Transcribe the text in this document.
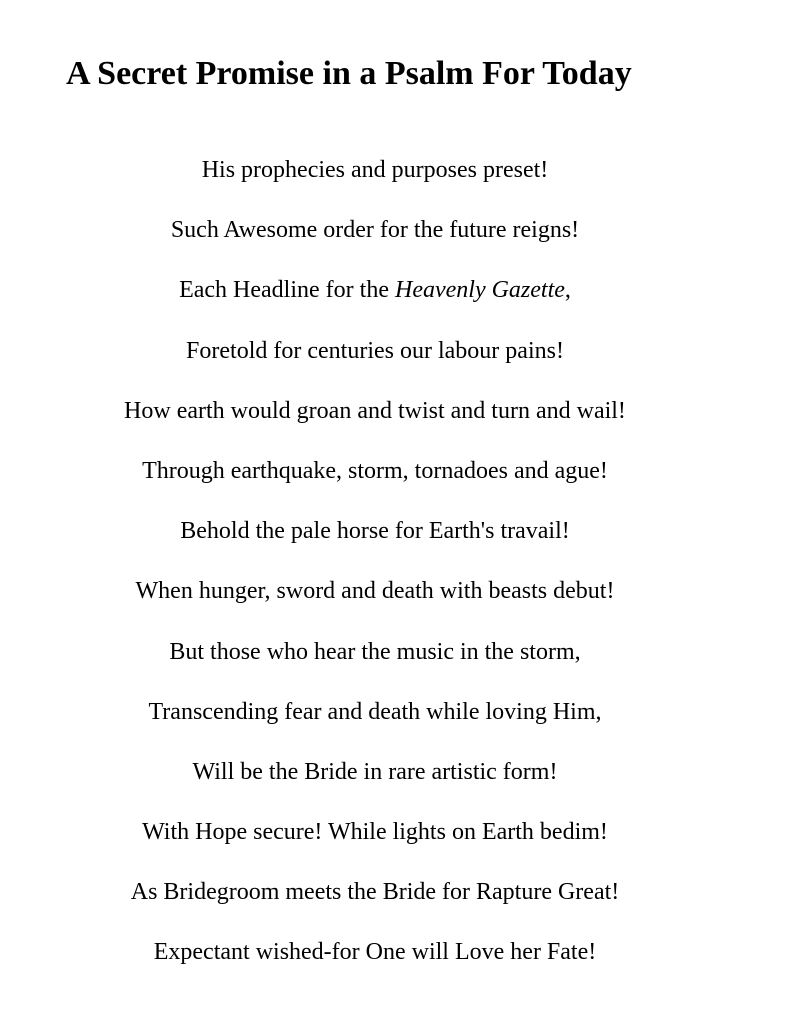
A Secret Promise in a Psalm For Today

His prophecies and purposes preset!

Such Awesome order for the future reigns!

Each Headline for the Heavenly Gazette,

Foretold for centuries our labour pains!

How earth would groan and twist and turn and wail!

Through earthquake, storm, tornadoes and ague!

Behold the pale horse for Earth's travail!

When hunger, sword and death with beasts debut!

But those who hear the music in the storm,

Transcending fear and death while loving Him,

Will be the Bride in rare artistic form!

With Hope secure! While lights on Earth bedim!

As Bridegroom meets the Bride for Rapture Great!

Expectant wished-for One will Love her Fate!
